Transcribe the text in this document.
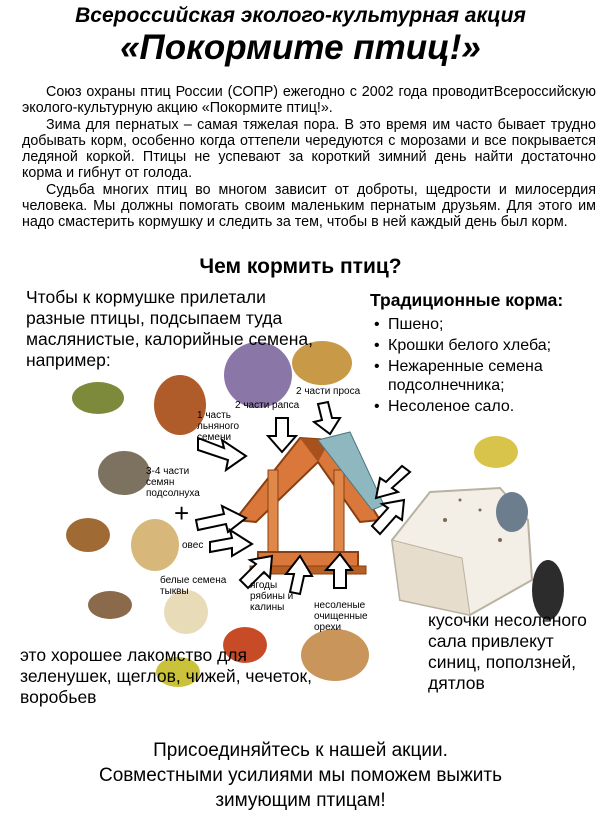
Всероссийская эколого-культурная акция
«Покормите птиц!»

Союз охраны птиц России (СОПР) ежегодно с 2002 года проводитВсероссийскую эколого-культурную акцию «Покормите птиц!».

Зима для пернатых – самая тяжелая пора. В это время им часто бывает трудно добывать корм, особенно когда оттепели чередуются с морозами и все покрывается ледяной коркой. Птицы не успевают за короткий зимний день найти достаточно корма и гибнут от голода.

Судьба многих птиц во многом зависит от доброты, щедрости и милосердия человека. Мы должны помогать своим маленьким пернатым друзьям. Для этого им надо смастерить кормушку и следить за тем, чтобы в ней каждый день был корм.

Чем кормить птиц?
Чтобы к кормушке прилетали разные птицы, подсыпаем туда маслянистые, калорийные семена, например:
Традиционные корма:
• Пшено;
• Крошки белого хлеба;
• Нежаренные семена подсолнечника;
• Несоленое сало.
2 части рапса
2 части проса
1 часть льняного семени
3-4 части семян подсолнуха
овес
белые семена тыквы
ягоды рябины и калины	несоленые очищенные орехи
+
это хорошее лакомство для зеленушек, щеглов, чижей, чечеток, воробьев
кусочки несоленого сала привлекут синиц, поползней, дятлов
Присоединяйтесь к нашей акции.
Совместными усилиями мы поможем выжить
зимующим птицам!
